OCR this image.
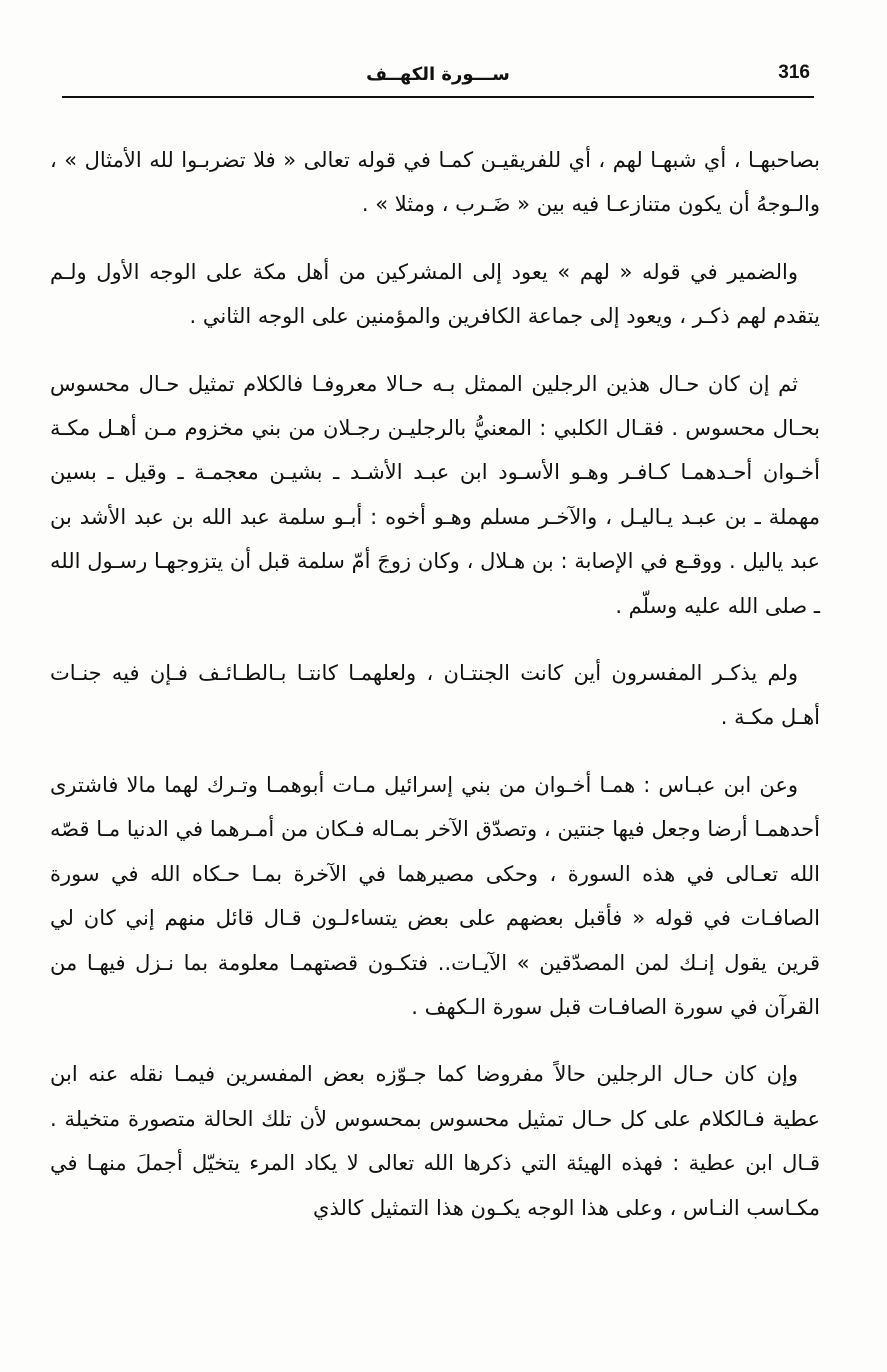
316
ســـورة الكهــف

بصاحبهـا ، أي شبهـا لهم ، أي للفريقيـن كمـا في قوله تعالى « فلا تضربـوا لله الأمثال » ، والـوجهُ أن يكون متنازعـا فيه بين « ضَـرب ، ومثلا » .

والضمير في قوله « لهم » يعود إلى المشركين من أهل مكة على الوجه الأول ولـم يتقدم لهم ذكـر ، ويعود إلى جماعة الكافرين والمؤمنين على الوجه الثاني .

ثم إن كان حـال هذين الرجلين الممثل بـه حـالا معروفـا فالكلام تمثيل حـال محسوس بحـال محسوس . فقـال الكلبي : المعنيُّ بالرجليـن رجـلان من بني مخزوم مـن أهـل مكـة أخـوان أحـدهمـا كـافـر وهـو الأسـود ابن عبـد الأشـد ـ بشيـن معجمـة ـ وقيل ـ بسين مهملة ـ بن عبـد يـاليـل ، والآخـر مسلم وهـو أخوه : أبـو سلمة عبد الله بن عبد الأشد بن عبد ياليل . ووقـع في الإصابة : بن هـلال ، وكان زوجَ أمّ سلمة قبل أن يتزوجهـا رسـول الله ـ صلى الله عليه وسلّم .

ولم يذكـر المفسرون أين كانت الجنتـان ، ولعلهمـا كانتـا بـالطـائـف فـإن فيه جنـات أهـل مكـة .

وعن ابن عبـاس : همـا أخـوان من بني إسرائيل مـات أبوهمـا وتـرك لهما مالا فاشترى أحدهمـا أرضا وجعل فيها جنتين ، وتصدّق الآخر بمـاله فـكان من أمـرهما في الدنيا مـا قصّه الله تعـالى في هذه السورة ، وحكى مصيرهما في الآخرة بمـا حـكاه الله في سورة الصافـات في قوله « فأقبل بعضهم على بعض يتساءلـون قـال قائل منهم إني كان لي قرين يقول إنـك لمن المصدّقين » الآيـات.. فتكـون قصتهمـا معلومة بما نـزل فيهـا من القرآن في سورة الصافـات قبل سورة الـكهف .

وإن كان حـال الرجلين حالاً مفروضا كما جـوّزه بعض المفسرين فيمـا نقله عنه ابن عطية فـالكلام على كل حـال تمثيل محسوس بمحسوس لأن تلك الحالة متصورة متخيلة . قـال ابن عطية : فهذه الهيئة التي ذكرها الله تعالى لا يكاد المرء يتخيّل أجملَ منهـا في مكـاسب النـاس ، وعلى هذا الوجه يكـون هذا التمثيل كالذي
